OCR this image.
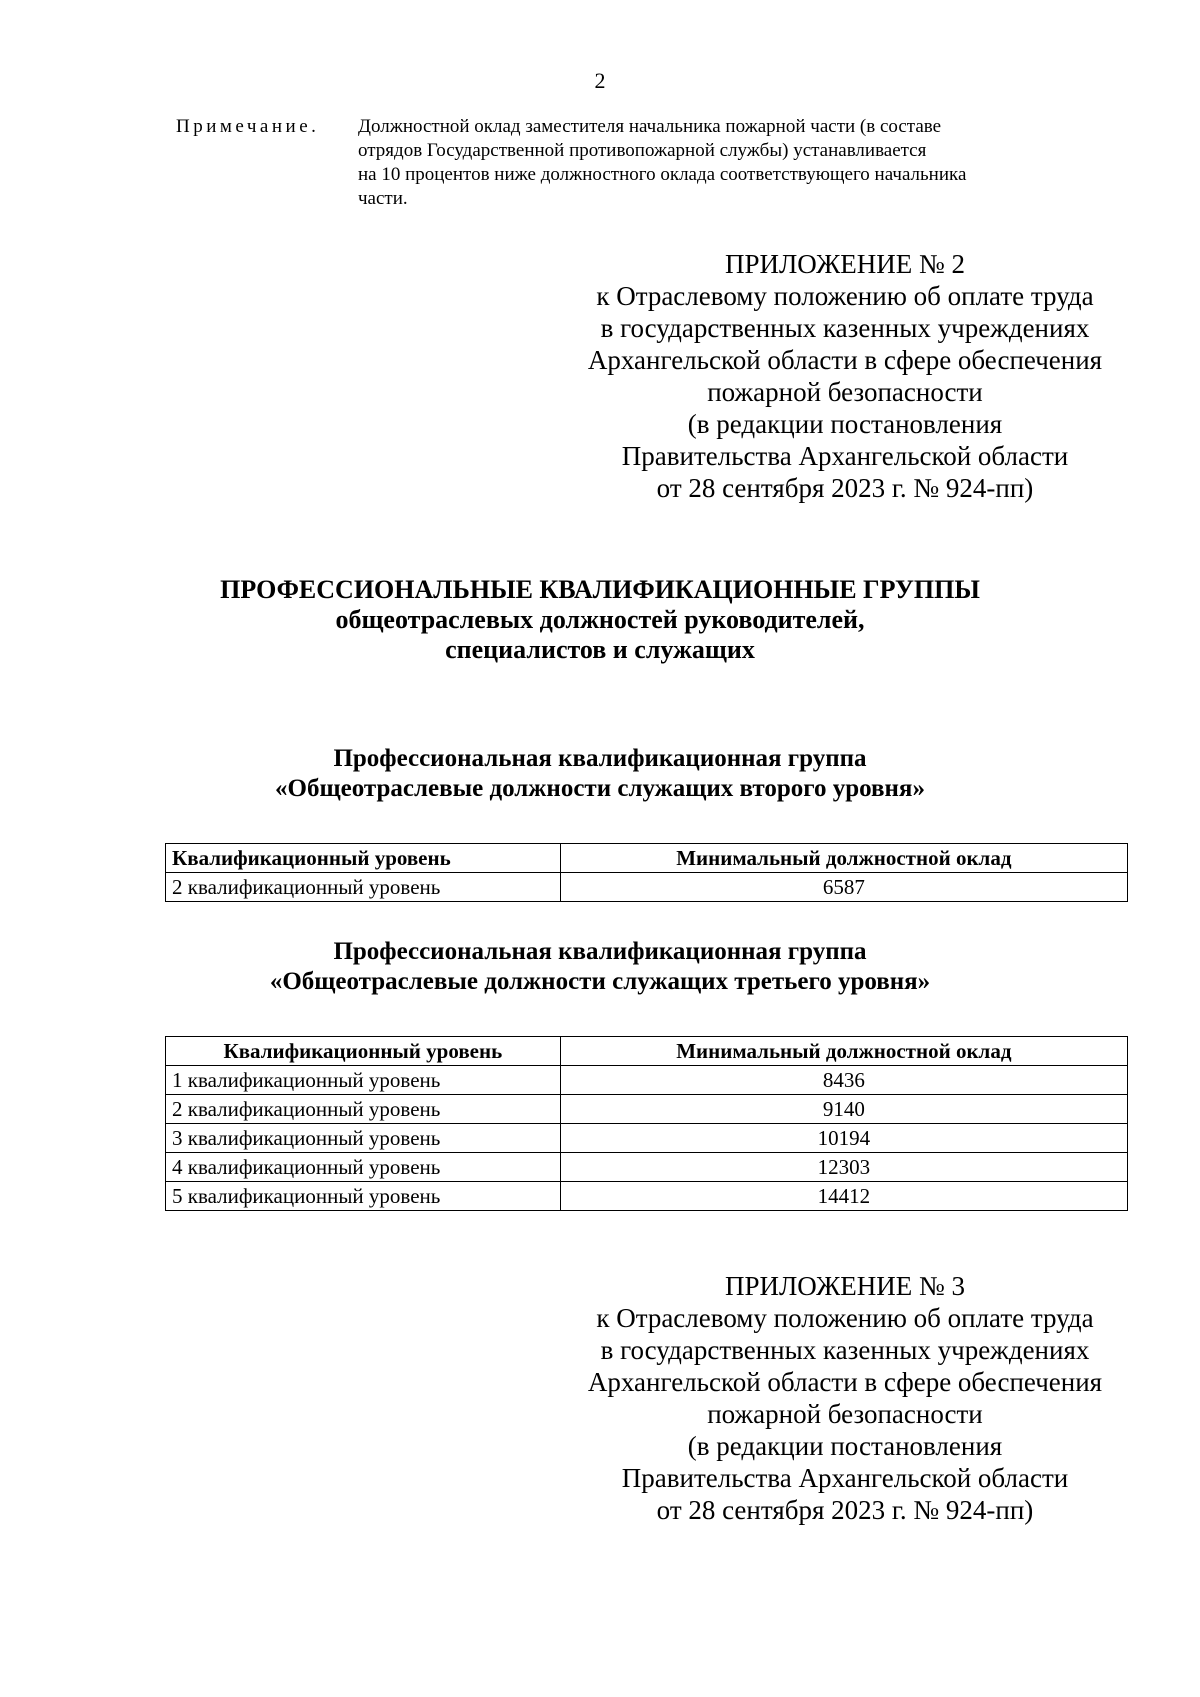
2
Примечание.	Должностной оклад заместителя начальника пожарной части (в составе
отрядов Государственной противопожарной службы) устанавливается
на 10 процентов ниже должностного оклада соответствующего начальника
части.
ПРИЛОЖЕНИЕ № 2
к Отраслевому положению об оплате труда
в государственных казенных учреждениях
Архангельской области в сфере обеспечения
пожарной безопасности
(в редакции постановления
Правительства Архангельской области
от 28 сентября 2023 г. № 924-пп)
ПРОФЕССИОНАЛЬНЫЕ КВАЛИФИКАЦИОННЫЕ ГРУППЫ
общеотраслевых должностей руководителей,
специалистов и служащих
Профессиональная квалификационная группа
«Общеотраслевые должности служащих второго уровня»
Квалификационный уровень	Минимальный должностной оклад
2 квалификационный уровень	6587
Профессиональная квалификационная группа
«Общеотраслевые должности служащих третьего уровня»
Квалификационный уровень	Минимальный должностной оклад
1 квалификационный уровень	8436
2 квалификационный уровень	9140
3 квалификационный уровень	10194
4 квалификационный уровень	12303
5 квалификационный уровень	14412
ПРИЛОЖЕНИЕ № 3
к Отраслевому положению об оплате труда
в государственных казенных учреждениях
Архангельской области в сфере обеспечения
пожарной безопасности
(в редакции постановления
Правительства Архангельской области
от 28 сентября 2023 г. № 924-пп)
